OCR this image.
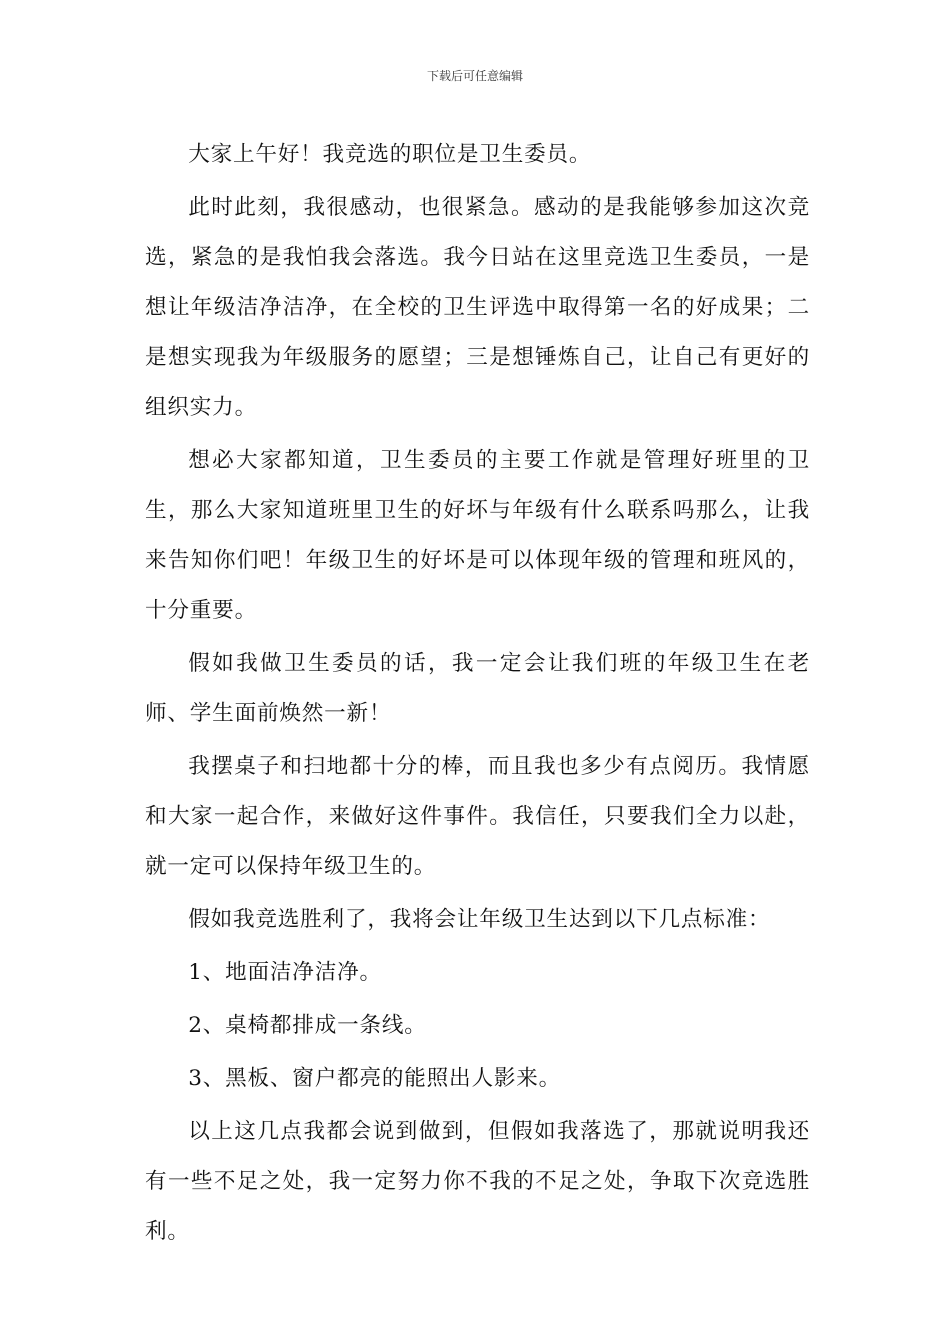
下载后可任意编辑

大家上午好！我竞选的职位是卫生委员。

此时此刻，我很感动，也很紧急。感动的是我能够参加这次竞选，紧急的是我怕我会落选。我今日站在这里竞选卫生委员，一是想让年级洁净洁净，在全校的卫生评选中取得第一名的好成果；二是想实现我为年级服务的愿望；三是想锤炼自己，让自己有更好的组织实力。

想必大家都知道，卫生委员的主要工作就是管理好班里的卫生，那么大家知道班里卫生的好坏与年级有什么联系吗那么，让我来告知你们吧！年级卫生的好坏是可以体现年级的管理和班风的，十分重要。

假如我做卫生委员的话，我一定会让我们班的年级卫生在老师、学生面前焕然一新！

我摆桌子和扫地都十分的棒，而且我也多少有点阅历。我情愿和大家一起合作，来做好这件事件。我信任，只要我们全力以赴，就一定可以保持年级卫生的。

假如我竞选胜利了，我将会让年级卫生达到以下几点标准：

1、地面洁净洁净。

2、桌椅都排成一条线。

3、黑板、窗户都亮的能照出人影来。

以上这几点我都会说到做到，但假如我落选了，那就说明我还有一些不足之处，我一定努力你不我的不足之处，争取下次竞选胜利。
